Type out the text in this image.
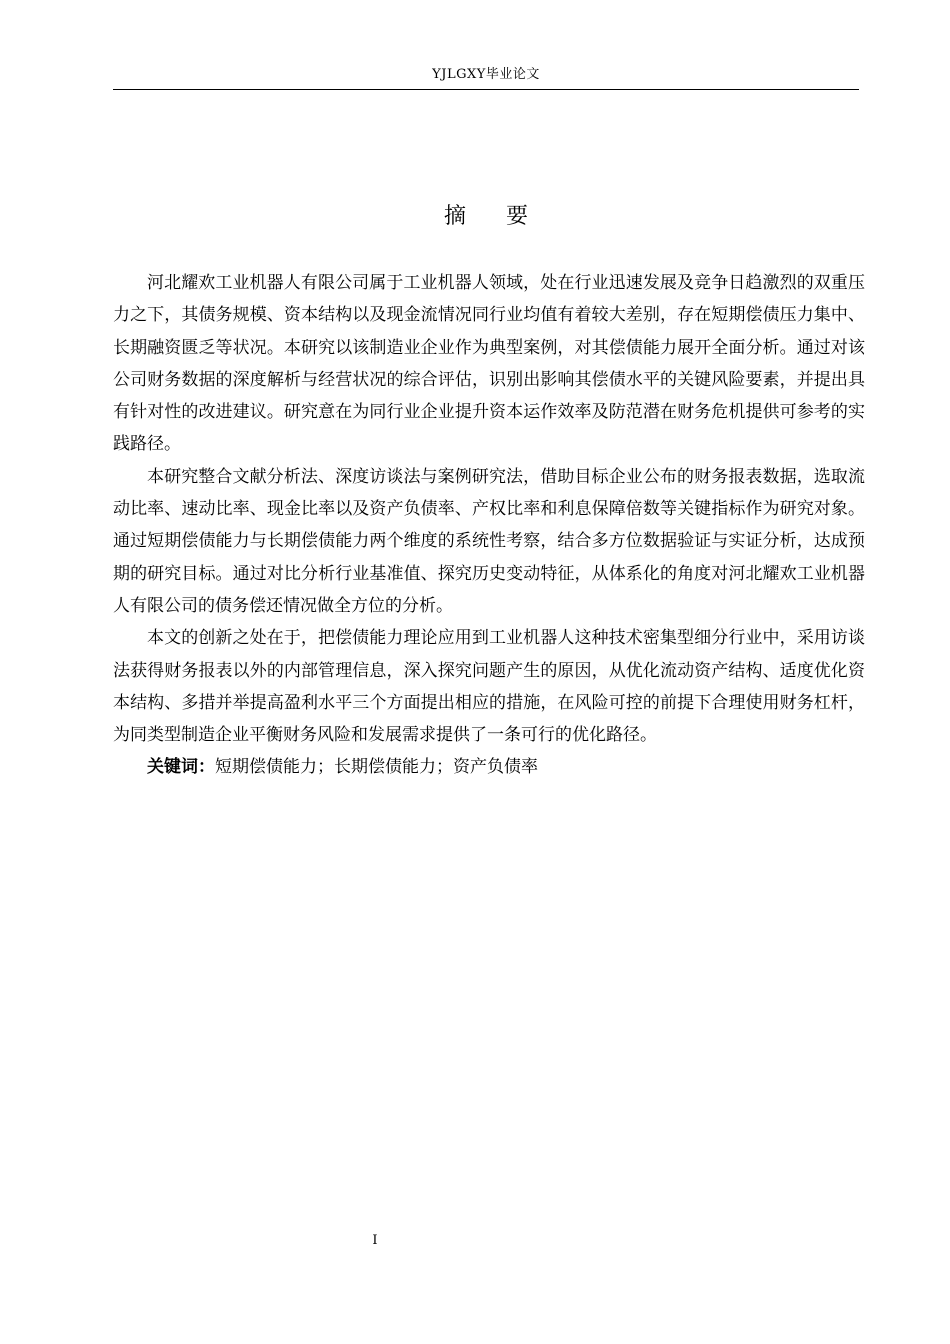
YJLGXY毕业论文
摘要

河北耀欢工业机器人有限公司属于工业机器人领域，处在行业迅速发展及竞争日趋激烈的双重压力之下，其债务规模、资本结构以及现金流情况同行业均值有着较大差别，存在短期偿债压力集中、长期融资匮乏等状况。本研究以该制造业企业作为典型案例，对其偿债能力展开全面分析。通过对该公司财务数据的深度解析与经营状况的综合评估，识别出影响其偿债水平的关键风险要素，并提出具有针对性的改进建议。研究意在为同行业企业提升资本运作效率及防范潜在财务危机提供可参考的实践路径。

本研究整合文献分析法、深度访谈法与案例研究法，借助目标企业公布的财务报表数据，选取流动比率、速动比率、现金比率以及资产负债率、产权比率和利息保障倍数等关键指标作为研究对象。通过短期偿债能力与长期偿债能力两个维度的系统性考察，结合多方位数据验证与实证分析，达成预期的研究目标。通过对比分析行业基准值、探究历史变动特征，从体系化的角度对河北耀欢工业机器人有限公司的债务偿还情况做全方位的分析。

本文的创新之处在于，把偿债能力理论应用到工业机器人这种技术密集型细分行业中，采用访谈法获得财务报表以外的内部管理信息，深入探究问题产生的原因，从优化流动资产结构、适度优化资本结构、多措并举提高盈利水平三个方面提出相应的措施，在风险可控的前提下合理使用财务杠杆，为同类型制造企业平衡财务风险和发展需求提供了一条可行的优化路径。

关键词：短期偿债能力；长期偿债能力；资产负债率

I
